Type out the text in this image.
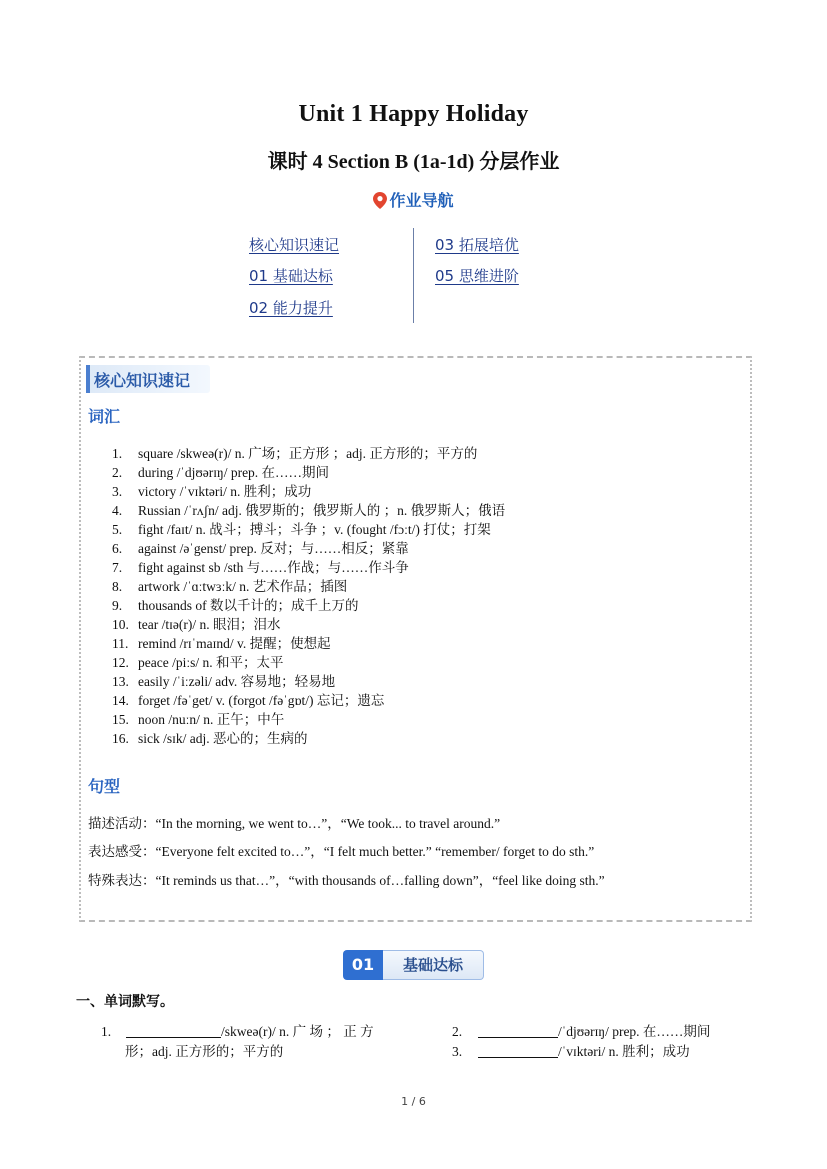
Unit 1 Happy Holiday
课时 4 Section B (1a-1d) 分层作业
作业导航
核心知识速记
01 基础达标
02 能力提升
03 拓展培优
05 思维进阶
核心知识速记
词汇
1. square /skweə(r)/ n. 广场；正方形 ；adj. 正方形的；平方的
2. during /ˈdjʊərɪŋ/ prep. 在……期间
3. victory /ˈvɪktəri/ n. 胜利；成功
4. Russian /ˈrʌʃn/ adj. 俄罗斯的；俄罗斯人的 ；n. 俄罗斯人；俄语
5. fight /faɪt/ n. 战斗；搏斗；斗争 ；v. (fought /fɔːt/) 打仗；打架
6. against /əˈgenst/ prep. 反对；与……相反；紧靠
7. fight against sb /sth 与……作战；与……作斗争
8. artwork /ˈɑːtwɜːk/ n. 艺术作品；插图
9. thousands of 数以千计的；成千上万的
10. tear /tɪə(r)/ n. 眼泪；泪水
11. remind /rɪˈmaɪnd/ v. 提醒；使想起
12. peace /piːs/ n. 和平；太平
13. easily /ˈiːzəli/ adv. 容易地；轻易地
14. forget /fəˈget/ v. (forgot /fəˈgɒt/) 忘记；遗忘
15. noon /nuːn/ n. 正午；中午
16. sick /sɪk/ adj. 恶心的；生病的
句型
描述活动：“In the morning, we went to…”，“We took... to travel around.”
表达感受：“Everyone felt excited to…”，“I felt much better.” “remember/ forget to do sth.”
特殊表达：“It reminds us that…”，“with thousands of…falling down”，“feel like doing sth.”
01	基础达标
一、单词默写。
1.	/skweə(r)/ n. 广 场 ； 正 方
形；adj. 正方形的；平方的
2.	/ˈdjʊərɪŋ/ prep. 在……期间
3.	/ˈvɪktəri/ n. 胜利；成功
1 / 6
